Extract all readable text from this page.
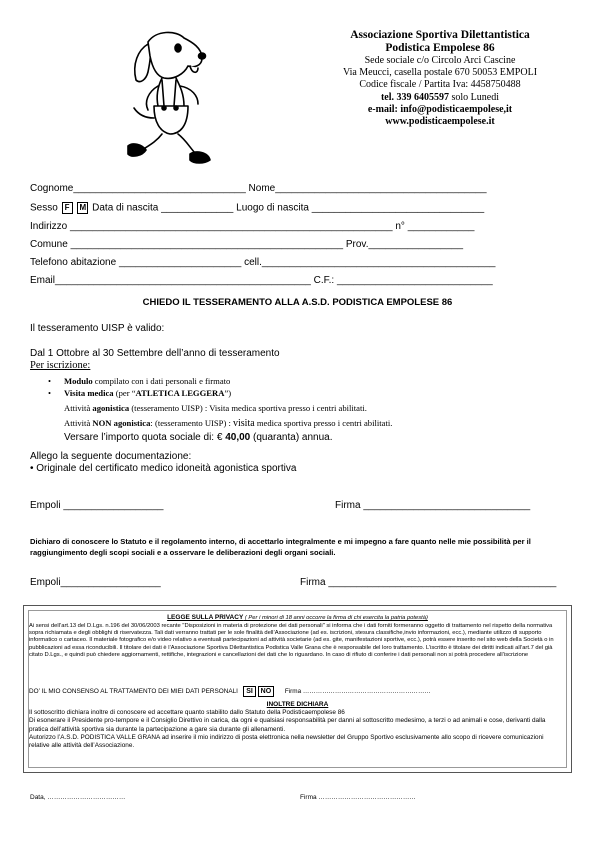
Associazione Sportiva Dilettantistica
Podistica Empolese 86
Sede sociale c/o Circolo Arci Cascine
Via Meucci, casella postale 670 50053 EMPOLI
Codice fiscale / Partita Iva: 4458750488
tel. 339 6405597 solo Lunedi
e-mail: info@podisticaempolese,it
www.podisticaempolese.it
Cognome_______________________________ Nome______________________________________
Sesso F M Data di nascita _____________ Luogo di nascita _______________________________
Indirizzo __________________________________________________________ n° ____________
Comune _________________________________________________ Prov._________________
Telefono abitazione ______________________ cell.__________________________________________
Email______________________________________________ C.F.: ____________________________
CHIEDO IL TESSERAMENTO ALLA A.S.D. PODISTICA EMPOLESE 86
Il tesseramento UISP è valido:
Dal 1 Ottobre al 30 Settembre dell’anno di tesseramento
Per iscrizione:
• Modulo compilato con i dati personali e firmato
• Visita medica (per “ATLETICA LEGGERA”)
Attività agonistica (tesseramento UISP) : Visita medica sportiva presso i centri abilitati.
Attività NON agonistica: (tesseramento UISP) : visita medica sportiva presso i centri abilitati.
Versare l’importo quota sociale di: € 40,00 (quaranta) annua.
Allego la seguente documentazione:
• Originale del certificato medico idoneità agonistica sportiva
Empoli __________________	Firma ______________________________
Dichiaro di conoscere lo Statuto e il regolamento interno, di accettarlo integralmente e mi impegno a fare quanto nelle mie possibilità per il raggiungimento degli scopi sociali e a osservare le deliberazioni degli organi sociali.
Empoli__________________	Firma _________________________________________
LEGGE SULLA PRIVACY ( Per i minori di 18 anni occorre la firma di chi esercita la patria potestà)
Ai sensi dell’art.13 del D.Lgs. n.196 del 30/06/2003 recante "Disposizioni in materia di protezione dei dati personali" si informa che i dati forniti formeranno oggetto di trattamento nel rispetto della normativa sopra richiamata e degli obblighi di riservatezza. Tali dati verranno trattati per le sole finalità dell’Associazione (ad es. iscrizioni, stesura classifiche,invio informazioni, ecc.), mediante utilizzo di supporto informatico o cartaceo. Il materiale fotografico e/o video relativo a eventuali partecipazioni ad attività societarie (ad es. gite, manifestazioni sportive, ecc.), potrà essere inserito nel sito web della Società o in pubblicazioni ad essa riconducibili. Il titolare dei dati è l’Associazione Sportiva Dilettantistica Podistica Valle Grana che è responsabile del loro trattamento. L’iscritto è titolare dei diritti indicati all’art.7 del già citato D.Lgs., e quindi può chiedere aggiornamenti, rettifiche, integrazioni e cancellazioni dei dati che lo riguardano. In caso di rifiuto di conferire i dati personali non si potrà procedere all’iscrizione
DO’ IL MIO CONSENSO AL TRATTAMENTO DEI MIEI DATI PERSONALI SI NO Firma ……………………………………………………
INOLTRE DICHIARA
Il sottoscritto dichiara inoltre di conoscere ed accettare quanto stabilito dallo Statuto della Podisticaempolese 86
Di esonerare il Presidente pro-tempore e il Consiglio Direttivo in carica, da ogni e qualsiasi responsabilità per danni al sottoscritto medesimo, a terzi o ad animali e cose, derivanti dalla pratica dell’attività sportiva sia durante la partecipazione a gare sia durante gli allenamenti.
Autorizzo l’A.S.D. PODISTICA VALLE GRANA ad inserire il mio indirizzo di posta elettronica nella newsletter del Gruppo Sportivo esclusivamente allo scopo di ricevere comunicazioni relative alle attività dell’Associazione.
Data, ………………………………	Firma ………………………………………
